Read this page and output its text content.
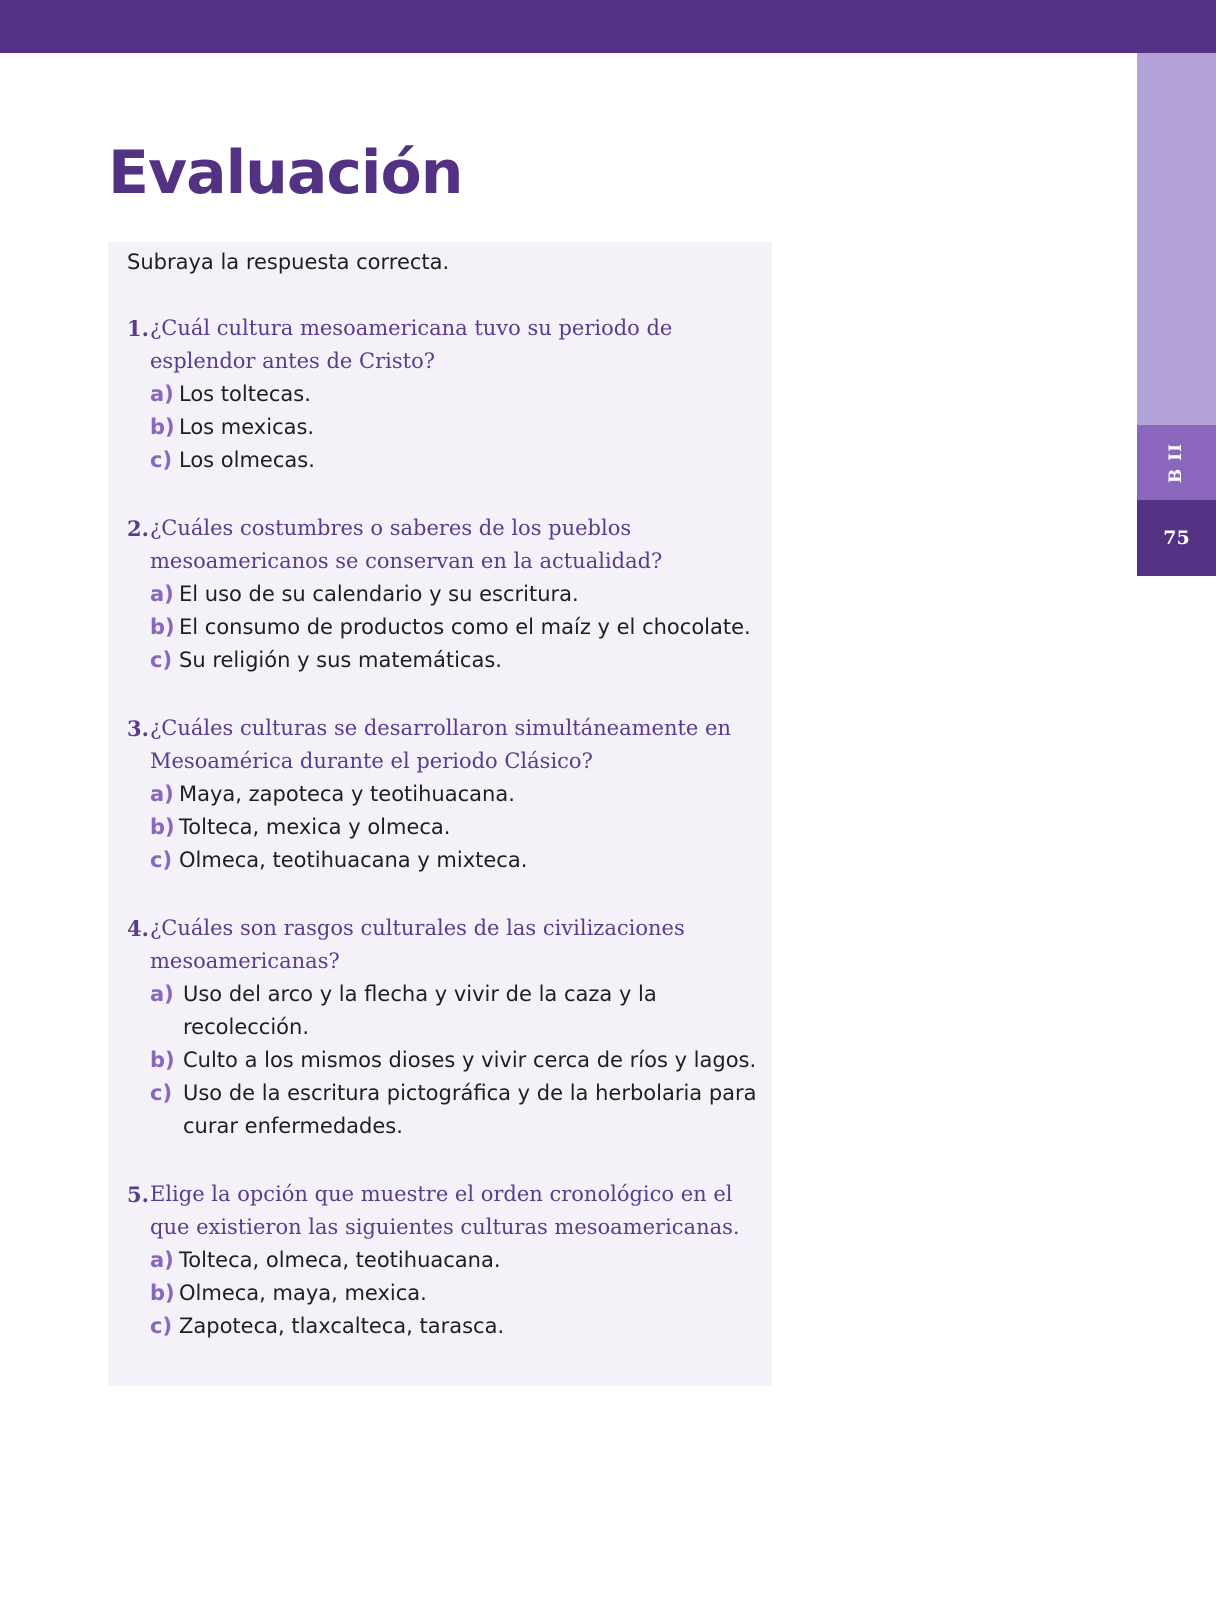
B II
75
Evaluación

Subraya la respuesta correcta.

1. ¿Cuál cultura mesoamericana tuvo su periodo de esplendor antes de Cristo?

a) Los toltecas.
b) Los mexicas.
c) Los olmecas.

2. ¿Cuáles costumbres o saberes de los pueblos mesoamericanos se conservan en la actualidad?

a) El uso de su calendario y su escritura.
b) El consumo de productos como el maíz y el chocolate.
c) Su religión y sus matemáticas.

3. ¿Cuáles culturas se desarrollaron simultáneamente en Mesoamérica durante el periodo Clásico?

a) Maya, zapoteca y teotihuacana.
b) Tolteca, mexica y olmeca.
c) Olmeca, teotihuacana y mixteca.

4. ¿Cuáles son rasgos culturales de las civilizaciones mesoamericanas?

a) Uso del arco y la flecha y vivir de la caza y la recolección.
b) Culto a los mismos dioses y vivir cerca de ríos y lagos.
c) Uso de la escritura pictográfica y de la herbolaria para curar enfermedades.

5. Elige la opción que muestre el orden cronológico en el que existieron las siguientes culturas mesoamericanas.

a) Tolteca, olmeca, teotihuacana.
b) Olmeca, maya, mexica.
c) Zapoteca, tlaxcalteca, tarasca.
